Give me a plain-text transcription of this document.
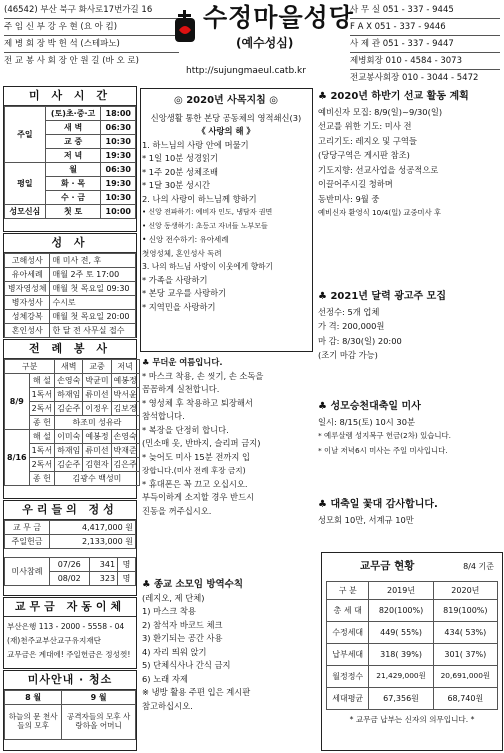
(46542) 부산 북구 화사로17번가길 16
주 임 신 부 강 우 현 (요 아 킴)
제 병 회 장 박 헌 석 (스테파노)
전 교 봉 사 회 장 안 원 길 (바 오 로)
수정마을성당
(예수성심)
http://sujungmaeul.catb.kr
사 무 실 051 - 337 - 9445
F A X 051 - 337 - 9446
사 제 관 051 - 337 - 9447
제병회장 010 - 4584 - 3073
전교봉사회장 010 - 3044 - 5472
미 사 시 간
주일	(토)초·중·고	18:00
	새 벽	06:30
	교 중	10:30
	저 녁	19:30
평일	월	06:30
	화 · 목	19:30
	수 · 금	10:30
성모신심	첫 토	10:00
성 사
고해성사	매 미사 전, 후
유아세례	매월 2주 토 17:00
병자영성체	매월 첫 목요일 09:30
병자성사	수시로
성체강복	매월 첫 목요일 20:00
혼인성사	한 달 전 사무실 접수
전 례 봉 사
구분		새벽	교중	저녁
8/9	해 설	손영숙	박균미	예봉정
	1독서	하재임	류미선	박서윤
	2독서	김순주	이정우	김보경
	종 헌	하조미 성유라		
8/16	해 설	이미숙	예봉정	손영숙
	1독서	하재임	류미선	박재준
	2독서	김순주	김현자	김은주
	종 헌	김광수 백성미		
우리들의 정성
교 무 금	4,417,000 원		
주일헌금	2,133,000 원		

미사참례	07/26	341	명
	08/02	323	명
교무금 자동이체
부산은행 113 - 2000 - 5558 - 04
(재)천주교부산교구유지재단
교무금은 계대에! 주일헌금은 정성껏!
미사안내 · 청소
8 월	9 월
하늘의 문 천사들의 모후	공격자들의 모후 사랑하올 어머니
◎ 2020년 사목지침 ◎
신앙생활 통한 본당 공동체의 영적쇄신(3)
《 사랑의 해 》
1. 하느님의 사랑 안에 머물기
* 1일 10분 성경읽기
* 1주 20분 성체조배
* 1달 30분 성시간
2. 나의 사랑이 하느님께 향하기
• 신앙 전파하기: 예비자 인도, 냉담자 권면
• 신앙 동생하기: 초등고 자녀들 노부모들
• 신앙 전수하기: 유아세례
첫영성체, 혼인성사 독려
3. 나의 하느님 사랑이 이웃에게 향하기
* 가족을 사랑하기
* 본당 교우를 사랑하기
* 지역민을 사랑하기
♣ 무더운 여름입니다.
* 마스크 착용, 손 씻기, 손 소독을
꼼꼼하게 실천합니다.
* 영성체 후 착용하고 퇴장해서
참석합니다.
* 복장을 단정히 합니다.
(민소매 옷, 반바지, 슬리퍼 금지)
* 늦어도 미사 15분 전까지 입
장합니다.(미사 전례 후장 금지)
* 휴대폰은 꼭 끄고 오십시오.
부득이하게 소지할 경우 반드시
진동을 꺼주십시오.
♣ 종교 소모임 방역수칙
(레지오, 제 단체)
1) 마스크 착용
2) 참석자 바코드 체크
3) 환기되는 공간 사용
4) 자리 띄워 앉기
5) 단체식사나 간식 금지
6) 노래 자제
※ 냉방 활용 주편 입은 계시판
참고하십시오.
♣ 2020년 하반기 선교 활동 계획
예비신자 모집: 8/9(일)~9/30(일)
선교를 위한 기도: 미사 전
고리기도: 레지오 및 구역들
(당당구역은 게시판 참조)
기도지향: 선교사업을 성공적으로
이끌어주시길 청하며
동반미사: 9월 중
예비신자 환영식 10/4(일) 교중미사 후
♣ 2021년 달력 광고주 모집
선정수: 5개 업체
가 격: 200,000원
마 감: 8/30(일) 20:00
(조기 마감 가능)
♣ 성모승천대축일 미사
일시: 8/15(토) 10시 30분
* 예루살렘 성지복구 헌금(2차) 있습니다.
* 이날 저녁6시 미사는 주일 미사입니다.
♣ 대축일 꽃대 감사합니다.
성모회 10만, 서계규 10만
교무금 현황	8/4 기준
구 분	2019년	2020년
총 세 대	820(100%)	819(100%)
수정세대	449( 55%)	434( 53%)
납부세대	318( 39%)	301( 37%)
월정정수	21,429,000원	20,691,000원
세대평균	67,356원	68,740원
* 교무금 납부는 신자의 의무입니다. *
